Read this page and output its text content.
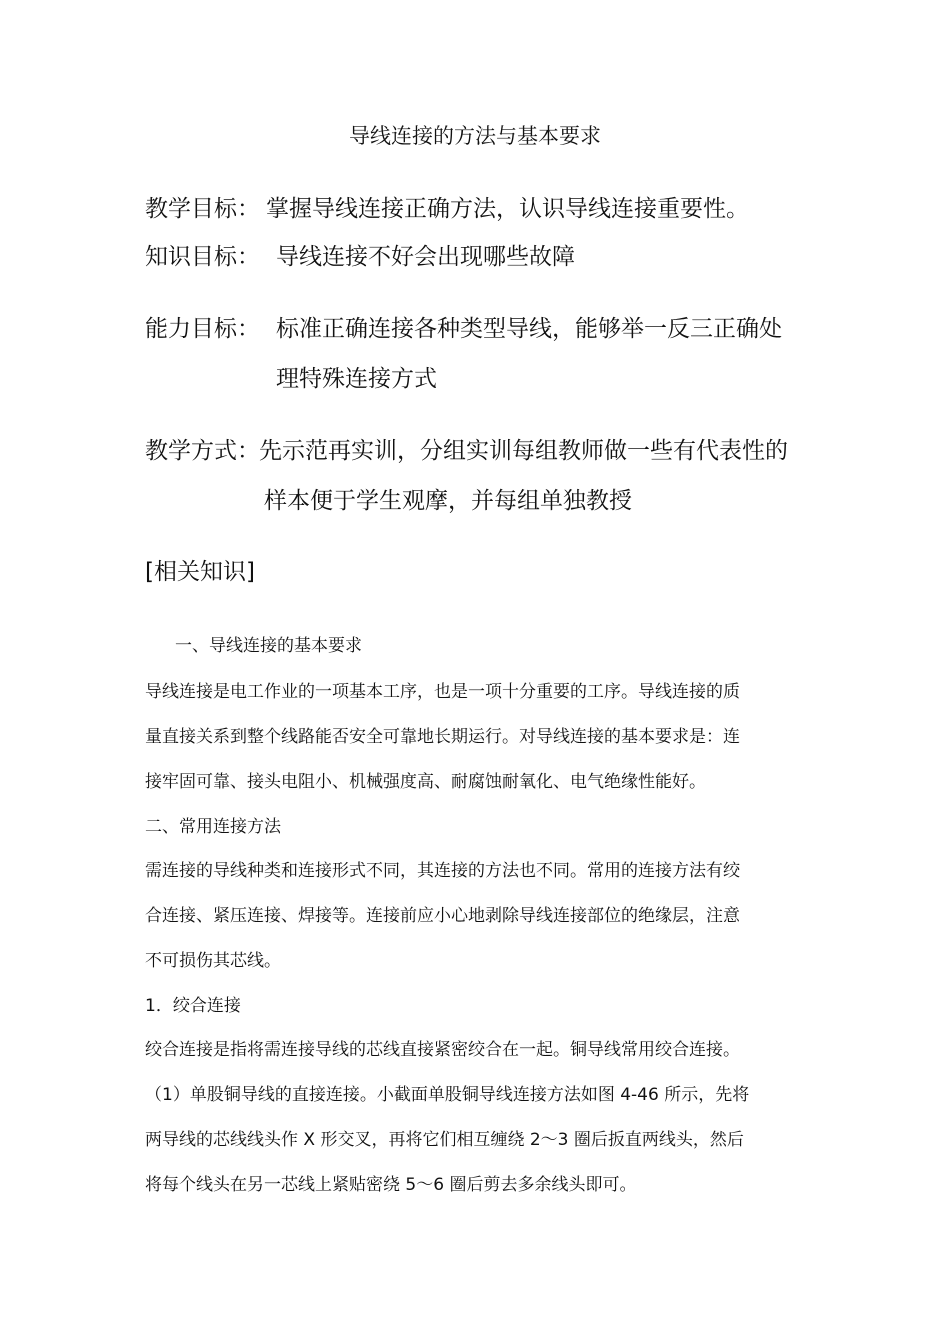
导线连接的方法与基本要求
教学目标： 掌握导线连接正确方法，认识导线连接重要性。
知识目标： 导线连接不好会出现哪些故障
能力目标： 标准正确连接各种类型导线，能够举一反三正确处
理特殊连接方式
教学方式： 先示范再实训，分组实训每组教师做一些有代表性的
样本便于学生观摩，并每组单独教授
[相关知识]
一、导线连接的基本要求
导线连接是电工作业的一项基本工序，也是一项十分重要的工序。导线连接的质
量直接关系到整个线路能否安全可靠地长期运行。对导线连接的基本要求是：连
接牢固可靠、接头电阻小、机械强度高、耐腐蚀耐氧化、电气绝缘性能好。
二、常用连接方法
需连接的导线种类和连接形式不同，其连接的方法也不同。常用的连接方法有绞
合连接、紧压连接、焊接等。连接前应小心地剥除导线连接部位的绝缘层，注意
不可损伤其芯线。
1．绞合连接
绞合连接是指将需连接导线的芯线直接紧密绞合在一起。铜导线常用绞合连接。
（1）单股铜导线的直接连接。小截面单股铜导线连接方法如图 4-46 所示，先将
两导线的芯线线头作 X 形交叉，再将它们相互缠绕 2～3 圈后扳直两线头，然后
将每个线头在另一芯线上紧贴密绕 5～6 圈后剪去多余线头即可。
